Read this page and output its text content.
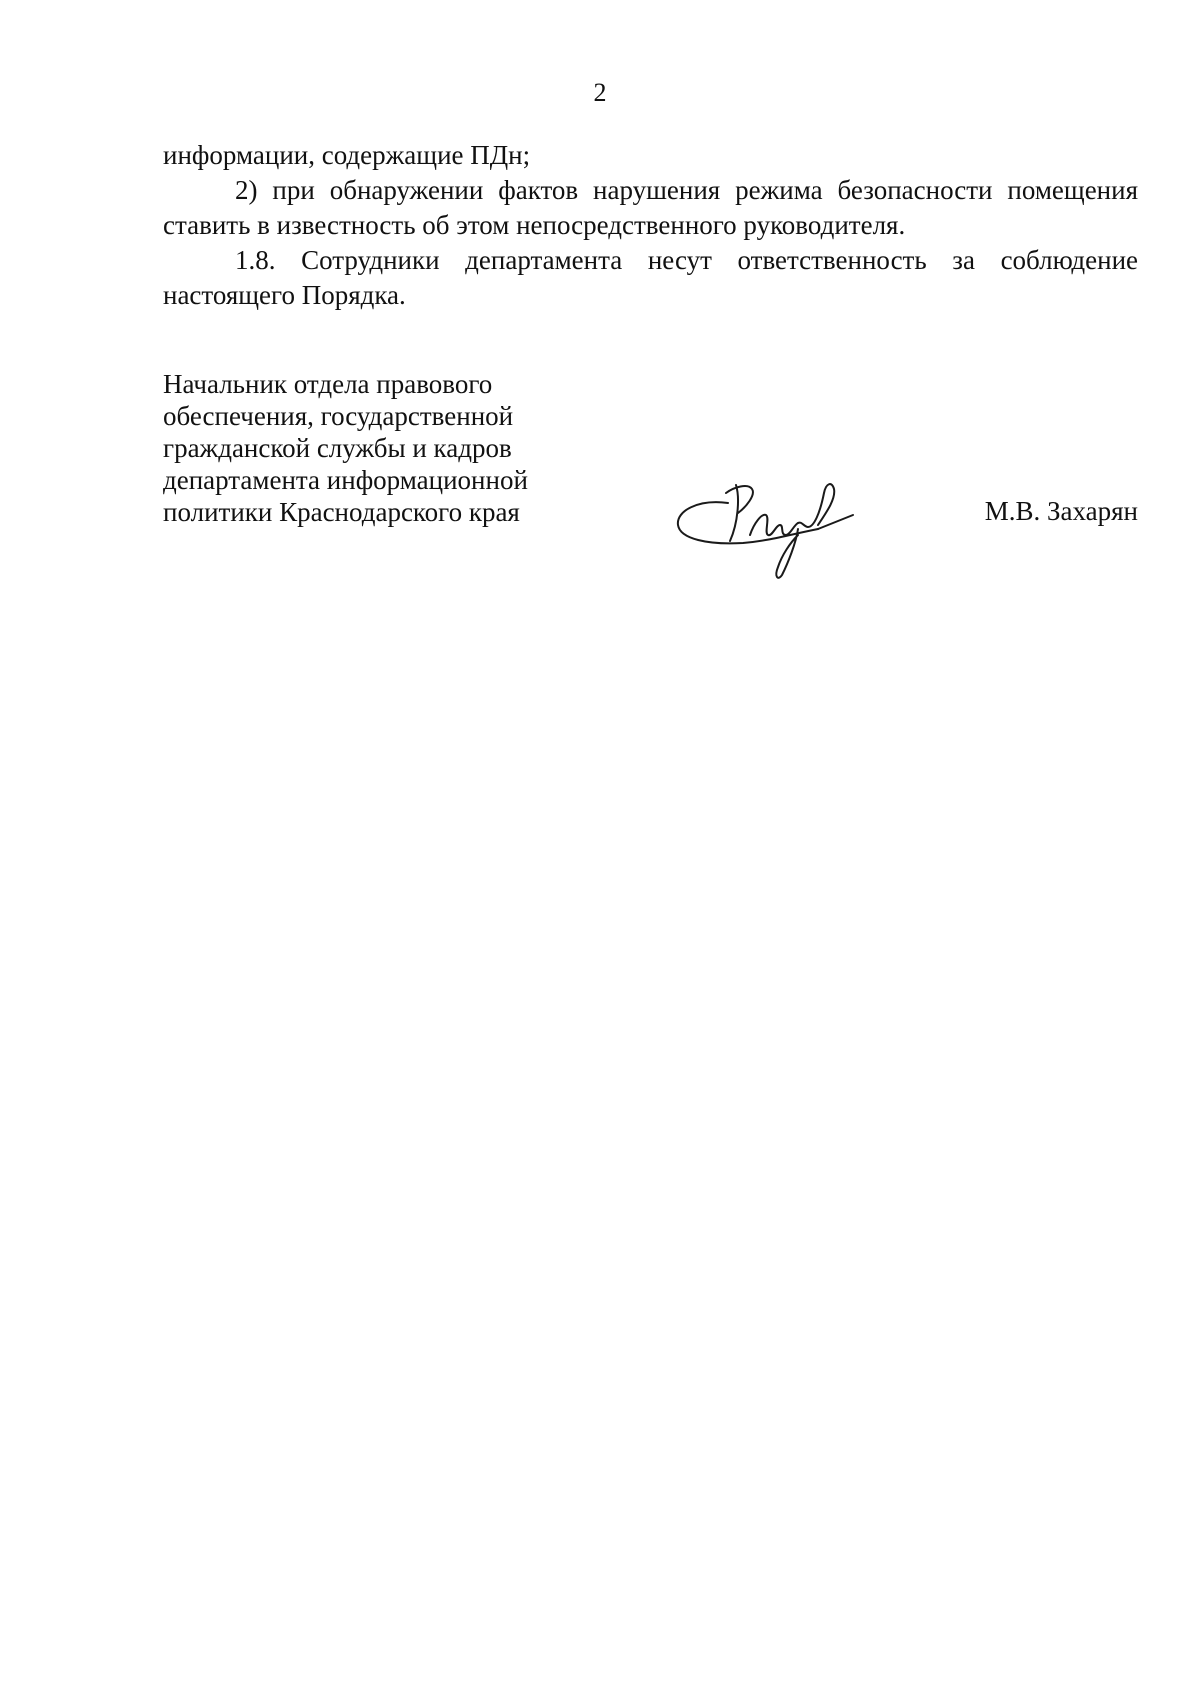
2

информации, содержащие ПДн;

2) при обнаружении фактов нарушения режима безопасности помещения ставить в известность об этом непосредственного руководителя.

1.8. Сотрудники департамента несут ответственность за соблюдение настоящего Порядка.

Начальник отдела правового
обеспечения, государственной
гражданской службы и кадров
департамента информационной
политики Краснодарского края	М.В. Захарян
